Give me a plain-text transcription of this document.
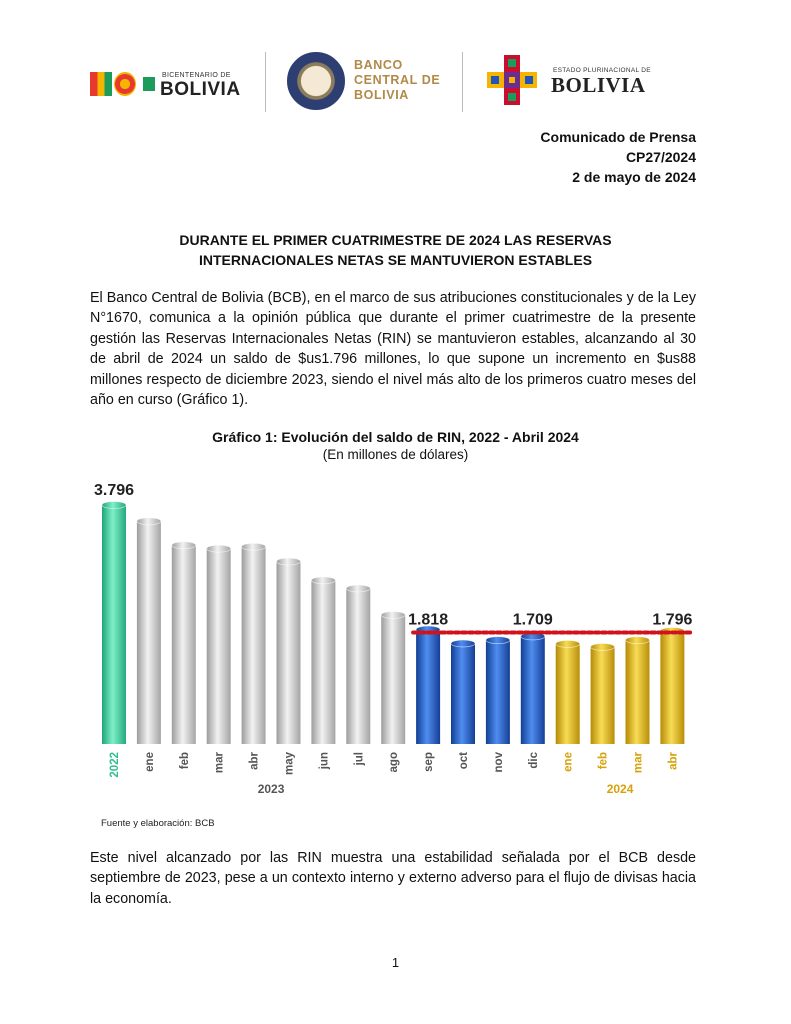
BICENTENARIO DE
BOLIVIA
BANCO
CENTRAL DE
BOLIVIA
ESTADO PLURINACIONAL DE
BOLIVIA
Comunicado de Prensa
CP27/2024
2 de mayo de 2024
DURANTE EL PRIMER CUATRIMESTRE DE 2024 LAS RESERVAS
INTERNACIONALES NETAS SE MANTUVIERON ESTABLES
El Banco Central de Bolivia (BCB), en el marco de sus atribuciones constitucionales y de la Ley N°1670, comunica a la opinión pública que durante el primer cuatrimestre de la presente gestión las Reservas Internacionales Netas (RIN) se mantuvieron estables, alcanzando al 30 de abril de 2024 un saldo de $us1.796 millones, lo que supone un incremento en $us88 millones respecto de diciembre 2023, siendo el nivel más alto de los primeros cuatro meses del año en curso (Gráfico 1).
Gráfico 1: Evolución del saldo de RIN, 2022 - Abril 2024
(En millones de dólares)
3.796
1.818	1.709	1.796
2022 ene feb mar abr may jun jul ago sep oct nov dic ene feb mar abr
2023	2024
Fuente y elaboración: BCB
Este nivel alcanzado por las RIN muestra una estabilidad señalada por el BCB desde septiembre de 2023, pese a un contexto interno y externo adverso para el flujo de divisas hacia la economía.
1
